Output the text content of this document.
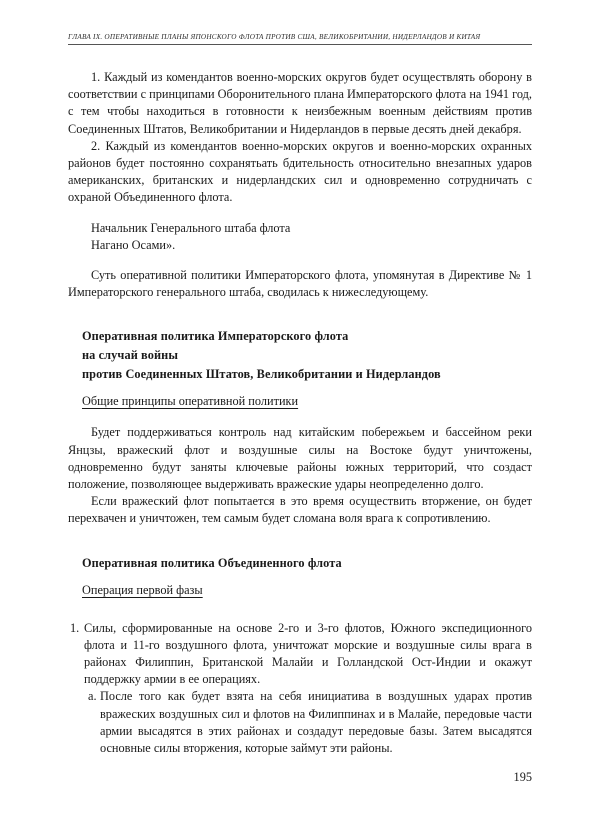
ГЛАВА IX. ОПЕРАТИВНЫЕ ПЛАНЫ ЯПОНСКОГО ФЛОТА ПРОТИВ США, ВЕЛИКОБРИТАНИИ, НИДЕРЛАНДОВ И КИТАЯ

1. Каждый из комендантов военно-морских округов будет осуществлять оборону в соответствии с принципами Оборонительного плана Императорского флота на 1941 год, с тем чтобы находиться в готовности к неизбежным военным действиям против Соединенных Штатов, Великобритании и Нидерландов в первые десять дней декабря.

2. Каждый из комендантов военно-морских округов и военно-морских охранных районов будет постоянно сохранятьать бдительность относительно внезапных ударов американских, британских и нидерландских сил и одновременно сотрудничать с охраной Объединенного флота.

Начальник Генерального штаба флота

Нагано Осами».

Суть оперативной политики Императорского флота, упомянутая в Директиве № 1 Императорского генерального штаба, сводилась к нижеследующему.

Оперативная политика Императорского флота

на случай войны

против Соединенных Штатов, Великобритании и Нидерландов

Общие принципы оперативной политики

Будет поддерживаться контроль над китайским побережьем и бассейном реки Янцзы, вражеский флот и воздушные силы на Востоке будут уничтожены, одновременно будут заняты ключевые районы южных территорий, что создаст положение, позволяющее выдерживать вражеские удары неопределенно долго.

Если вражеский флот попытается в это время осуществить вторжение, он будет перехвачен и уничтожен, тем самым будет сломана воля врага к сопротивлению.

Оперативная политика Объединенного флота

Операция первой фазы

1. Силы, сформированные на основе 2-го и 3-го флотов, Южного экспедиционного флота и 11-го воздушного флота, уничтожат морские и воздушные силы врага в районах Филиппин, Британской Малайи и Голландской Ост-Индии и окажут поддержку армии в ее операциях.
a. После того как будет взята на себя инициатива в воздушных ударах против вражеских воздушных сил и флотов на Филиппинах и в Малайе, передовые части армии высадятся в этих районах и создадут передовые базы. Затем высадятся основные силы вторжения, которые займут эти районы.
195
